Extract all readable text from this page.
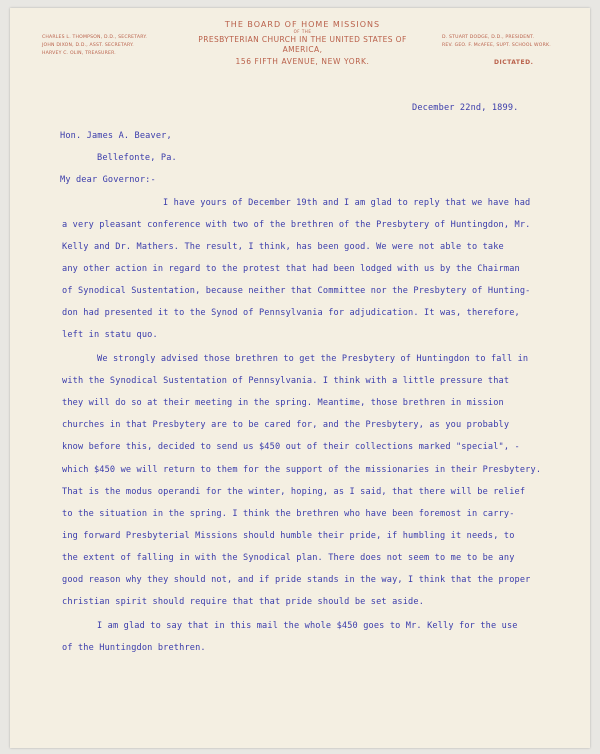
CHARLES L. THOMPSON, D.D., SECRETARY.
JOHN DIXON, D.D., ASST. SECRETARY.
HARVEY C. OLIN, TREASURER.
THE BOARD OF HOME MISSIONS
OF THE
PRESBYTERIAN CHURCH IN THE UNITED STATES OF AMERICA,
156 FIFTH AVENUE, NEW YORK.
D. STUART DODGE, D.D., PRESIDENT.
REV. GEO. F. McAFEE, SUPT. SCHOOL WORK.
DICTATED.
December 22nd, 1899.
Hon. James A. Beaver,
Bellefonte, Pa.
My dear Governor:-
I have yours of December 19th and I am glad to reply that we have had
a very pleasant conference with two of the brethren of the Presbytery of Huntingdon, Mr.
Kelly and Dr. Mathers. The result, I think, has been good. We were not able to take
any other action in regard to the protest that had been lodged with us by the Chairman
of Synodical Sustentation, because neither that Committee nor the Presbytery of Hunting-
don had presented it to the Synod of Pennsylvania for adjudication. It was, therefore,
left in statu quo.
We strongly advised those brethren to get the Presbytery of Huntingdon to fall in
with the Synodical Sustentation of Pennsylvania. I think with a little pressure that
they will do so at their meeting in the spring. Meantime, those brethren in mission
churches in that Presbytery are to be cared for, and the Presbytery, as you probably
know before this, decided to send us $450 out of their collections marked "special", -
which $450 we will return to them for the support of the missionaries in their Presbytery.
That is the modus operandi for the winter, hoping, as I said, that there will be relief
to the situation in the spring. I think the brethren who have been foremost in carry-
ing forward Presbyterial Missions should humble their pride, if humbling it needs, to
the extent of falling in with the Synodical plan. There does not seem to me to be any
good reason why they should not, and if pride stands in the way, I think that the proper
christian spirit should require that that pride should be set aside.
I am glad to say that in this mail the whole $450 goes to Mr. Kelly for the use
of the Huntingdon brethren.
